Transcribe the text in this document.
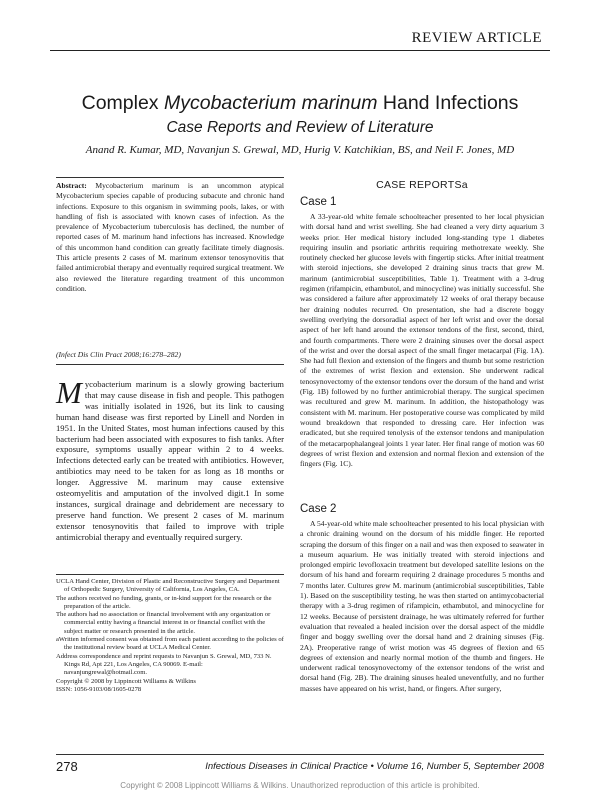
REVIEW ARTICLE
Complex Mycobacterium marinum Hand Infections
Case Reports and Review of Literature
Anand R. Kumar, MD, Navanjun S. Grewal, MD, Hurig V. Katchikian, BS, and Neil F. Jones, MD

Abstract: Mycobacterium marinum is an uncommon atypical Mycobacterium species capable of producing subacute and chronic hand infections. Exposure to this organism in swimming pools, lakes, or with handling of fish is associated with known cases of infection. As the prevalence of Mycobacterium tuberculosis has declined, the number of reported cases of M. marinum hand infections has increased. Knowledge of this uncommon hand condition can greatly facilitate timely diagnosis. This article presents 2 cases of M. marinum extensor tenosynovitis that failed antimicrobial therapy and eventually required surgical treatment. We also reviewed the literature regarding treatment of this uncommon condition.

(Infect Dis Clin Pract 2008;16:278–282)

Mycobacterium marinum is a slowly growing bacterium that may cause disease in fish and people. This pathogen was initially isolated in 1926, but its link to causing human hand disease was first reported by Linell and Norden in 1951. In the United States, most human infections caused by this bacterium had been associated with exposures to fish tanks. After exposure, symptoms usually appear within 2 to 4 weeks. Infections detected early can be treated with antibiotics. However, antibiotics may need to be taken for as long as 18 months or longer. Aggressive M. marinum may cause extensive osteomyelitis and amputation of the involved digit.1 In some instances, surgical drainage and debridement are necessary to preserve hand function. We present 2 cases of M. marinum extensor tenosynovitis that failed to improve with triple antimicrobial therapy and eventually required surgery.

UCLA Hand Center, Division of Plastic and Reconstructive Surgery and Department of Orthopedic Surgery, University of California, Los Angeles, CA.

The authors received no funding, grants, or in-kind support for the research or the preparation of the article.

The authors had no association or financial involvement with any organization or commercial entity having a financial interest in or financial conflict with the subject matter or research presented in the article.

aWritten informed consent was obtained from each patient according to the policies of the institutional review board at UCLA Medical Center.

Address correspondence and reprint requests to Navanjun S. Grewal, MD, 733 N. Kings Rd, Apt 221, Los Angeles, CA 90069. E-mail: navanjungrewal@hotmail.com.

Copyright © 2008 by Lippincott Williams & Wilkins

ISSN: 1056-9103/08/1605-0278

CASE REPORTSa
Case 1

A 33-year-old white female schoolteacher presented to her local physician with dorsal hand and wrist swelling. She had cleaned a very dirty aquarium 3 weeks prior. Her medical history included long-standing type 1 diabetes requiring insulin and psoriatic arthritis requiring methotrexate weekly. She routinely checked her glucose levels with fingertip sticks. After initial treatment with steroid injections, she developed 2 draining sinus tracts that grew M. marinum (antimicrobial susceptibilities, Table 1). Treatment with a 3-drug regimen (rifampicin, ethambutol, and minocycline) was initially successful. She was considered a failure after approximately 12 weeks of oral therapy because her draining nodules recurred. On presentation, she had a discrete boggy swelling overlying the dorsoradial aspect of her left wrist and over the dorsal aspect of her left hand around the extensor tendons of the first, second, third, and fourth compartments. There were 2 draining sinuses over the dorsal aspect of the wrist and over the dorsal aspect of the small finger metacarpal (Fig. 1A). She had full flexion and extension of the fingers and thumb but some restriction of the extremes of wrist flexion and extension. She underwent radical tenosynovectomy of the extensor tendons over the dorsum of the hand and wrist (Fig. 1B) followed by no further antimicrobial therapy. The surgical specimen was recultured and grew M. marinum. In addition, the histopathology was consistent with M. marinum. Her postoperative course was complicated by mild wound breakdown that responded to dressing care. Her infection was eradicated, but she required tenolysis of the extensor tendons and manipulation of the metacarpophalangeal joints 1 year later. Her final range of motion was 60 degrees of wrist flexion and extension and normal flexion and extension of the fingers (Fig. 1C).

Case 2

A 54-year-old white male schoolteacher presented to his local physician with a chronic draining wound on the dorsum of his middle finger. He reported scraping the dorsum of this finger on a nail and was then exposed to seawater in a museum aquarium. He was initially treated with steroid injections and prolonged empiric levofloxacin treatment but developed satellite lesions on the dorsum of his hand and forearm requiring 2 drainage procedures 5 months and 7 months later. Cultures grew M. marinum (antimicrobial susceptibilities, Table 1). Based on the susceptibility testing, he was then started on antimycobacterial therapy with a 3-drug regimen of rifampicin, ethambutol, and minocycline for 12 weeks. Because of persistent drainage, he was ultimately referred for further evaluation that revealed a healed incision over the dorsal aspect of the middle finger and boggy swelling over the dorsal hand and 2 draining sinuses (Fig. 2A). Preoperative range of wrist motion was 45 degrees of flexion and 65 degrees of extension and nearly normal motion of the thumb and fingers. He underwent radical tenosynovectomy of the extensor tendons of the wrist and dorsal hand (Fig. 2B). The draining sinuses healed uneventfully, and no further masses have appeared on his wrist, hand, or fingers. After surgery,

278	Infectious Diseases in Clinical Practice • Volume 16, Number 5, September 2008
Copyright © 2008 Lippincott Williams & Wilkins. Unauthorized reproduction of this article is prohibited.
